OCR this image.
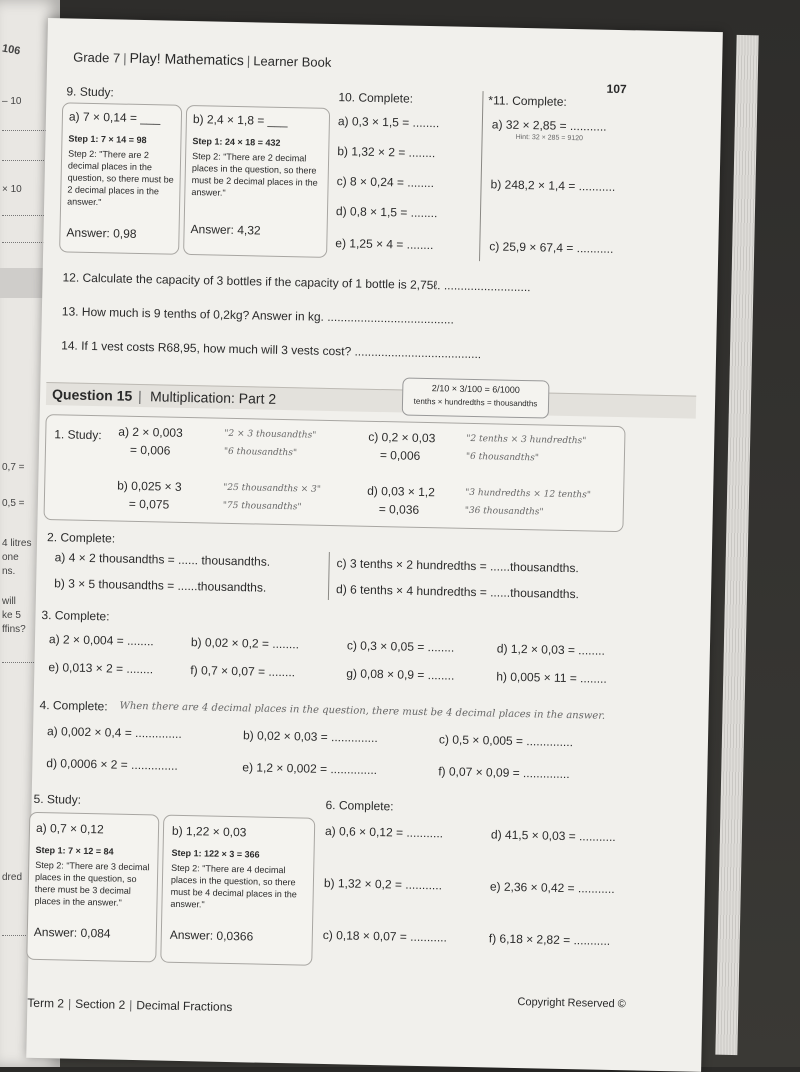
106
– 10
× 10
0,7 =
0,5 =
4 litres
one
ns.
will
ke 5
ffins?
dred
Grade 7 | Play! Mathematics | Learner Book
107
9. Study:
a) 7 × 0,14 = ___
Step 1: 7 × 14 = 98
Step 2: "There are 2 decimal places in the question, so there must be 2 decimal places in the answer."
Answer: 0,98
b) 2,4 × 1,8 = ___
Step 1: 24 × 18 = 432
Step 2: "There are 2 decimal places in the question, so there must be 2 decimal places in the answer."
Answer: 4,32
10. Complete:
a) 0,3 × 1,5 = ........
b) 1,32 × 2 = ........
c) 8 × 0,24 = ........
d) 0,8 × 1,5 = ........
e) 1,25 × 4 = ........
*11. Complete:
a) 32 × 2,85 = ...........
Hint: 32 × 285 = 9120
b) 248,2 × 1,4 = ...........
c) 25,9 × 67,4 = ...........
12. Calculate the capacity of 3 bottles if the capacity of 1 bottle is 2,75ℓ. ..........................
13. How much is 9 tenths of 0,2kg? Answer in kg. ......................................
14. If 1 vest costs R68,95, how much will 3 vests cost? ......................................
Question 15 | Multiplication: Part 2	2/10 × 3/100 = 6/1000
tenths × hundredths = thousandths
1. Study: a) 2 × 0,003	"2 × 3 thousandths"
= 0,006	"6 thousandths"
b) 0,025 × 3	"25 thousandths × 3"
= 0,075	"75 thousandths"
c) 0,2 × 0,03	"2 tenths × 3 hundredths"
= 0,006	"6 thousandths"
d) 0,03 × 1,2	"3 hundredths × 12 tenths"
= 0,036	"36 thousandths"
2. Complete:
a) 4 × 2 thousandths = ...... thousandths.
b) 3 × 5 thousandths = ......thousandths.
c) 3 tenths × 2 hundredths = ......thousandths.
d) 6 tenths × 4 hundredths = ......thousandths.
3. Complete:
a) 2 × 0,004 = ........	b) 0,02 × 0,2 = ........	c) 0,3 × 0,05 = ........	d) 1,2 × 0,03 = ........
e) 0,013 × 2 = ........	f) 0,7 × 0,07 = ........	g) 0,08 × 0,9 = ........	h) 0,005 × 11 = ........
4. Complete: When there are 4 decimal places in the question, there must be 4 decimal places in the answer.
a) 0,002 × 0,4 = ..............	b) 0,02 × 0,03 = ..............	c) 0,5 × 0,005 = ..............
d) 0,0006 × 2 = ..............	e) 1,2 × 0,002 = ..............	f) 0,07 × 0,09 = ..............
5. Study:
a) 0,7 × 0,12
Step 1: 7 × 12 = 84
Step 2: "There are 3 decimal places in the question, so there must be 3 decimal places in the answer."
Answer: 0,084
b) 1,22 × 0,03
Step 1: 122 × 3 = 366
Step 2: "There are 4 decimal places in the question, so there must be 4 decimal places in the answer."
Answer: 0,0366
6. Complete:
a) 0,6 × 0,12 = ...........	d) 41,5 × 0,03 = ...........
b) 1,32 × 0,2 = ...........	e) 2,36 × 0,42 = ...........
c) 0,18 × 0,07 = ...........	f) 6,18 × 2,82 = ...........
Term 2 | Section 2 | Decimal Fractions	Copyright Reserved ©
